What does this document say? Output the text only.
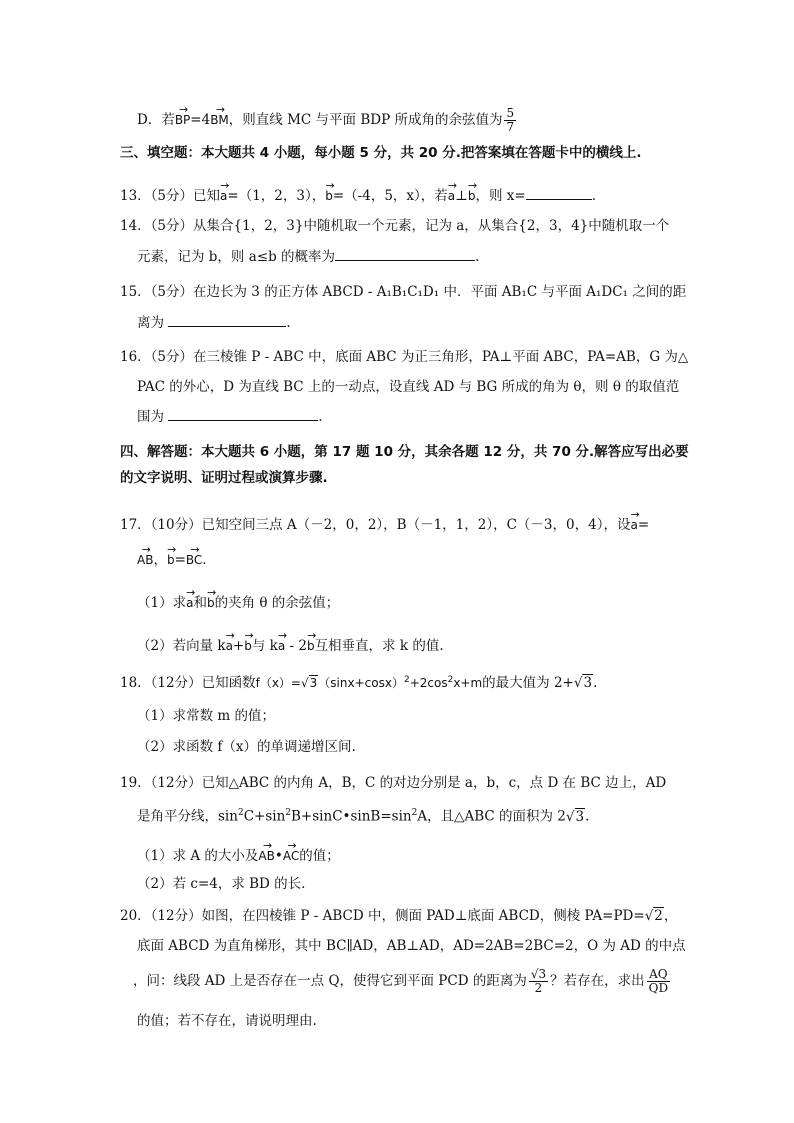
D．若→ BP=4→ BM，则直线 MC 与平面 BDP 所成角的余弦值为 $\frac{5}{7}$
三、填空题：本大题共 4 小题，每小题 5 分，共 20 分.把答案填在答题卡中的横线上.
13．（5分）已知→ a=（1，2，3），→ b=（-4，5，x），若→ a⊥→ b，则 x=	.
14．（5分）从集合{1，2，3}中随机取一个元素，记为 a，从集合{2，3，4}中随机取一个
元素，记为 b，则 a≤b 的概率为	.
15．（5分）在边长为 3 的正方体 ABCD - A₁B₁C₁D₁ 中．平面 AB₁C 与平面 A₁DC₁ 之间的距
离为	.
16．（5分）在三棱锥 P - ABC 中，底面 ABC 为正三角形，PA⊥平面 ABC，PA=AB，G 为△
PAC 的外心，D 为直线 BC 上的一动点，设直线 AD 与 BG 所成的角为 θ，则 θ 的取值范
围为	.
四、解答题：本大题共 6 小题，第 17 题 10 分，其余各题 12 分，共 70 分.解答应写出必要
的文字说明、证明过程或演算步骤.
17．（10分）已知空间三点 A（－2，0，2），B（－1，1，2），C（－3，0，4），设→ a=
→ AB，→ b=→ BC.
（1）求→ a和→ b的夹角 θ 的余弦值；
（2）若向量 k→ a+→ b与 k→ a - 2→ b互相垂直，求 k 的值.
18．（12分）已知函数$f(x)=√3(\sin x+\cos x)^2+2\cos^2x+m$的最大值为 2+√3.
（1）求常数 m 的值；
（2）求函数 f（x）的单调递增区间.
19．（12分）已知△ABC 的内角 A，B，C 的对边分别是 a，b，c，点 D 在 BC 边上，AD
是角平分线，$\sin^2C+\sin^2B+\sin C•\sin B=\sin^2A$，且△ABC 的面积为 2√3.
（1）求 A 的大小及→ AB•→ AC的值；
（2）若 c=4，求 BD 的长.
20．（12分）如图，在四棱锥 P - ABCD 中，侧面 PAD⊥底面 ABCD，侧棱 PA=PD=√2，
底面 ABCD 为直角梯形，其中 BC∥AD，AB⊥AD，AD=2AB=2BC=2，O 为 AD 的中点
，问：线段 AD 上是否存在一点 Q，使得它到平面 PCD 的距离为 $\frac{√3}{2}$ ？若存在，求出 $\frac{AQ}{QD}$
的值；若不存在，请说明理由.
